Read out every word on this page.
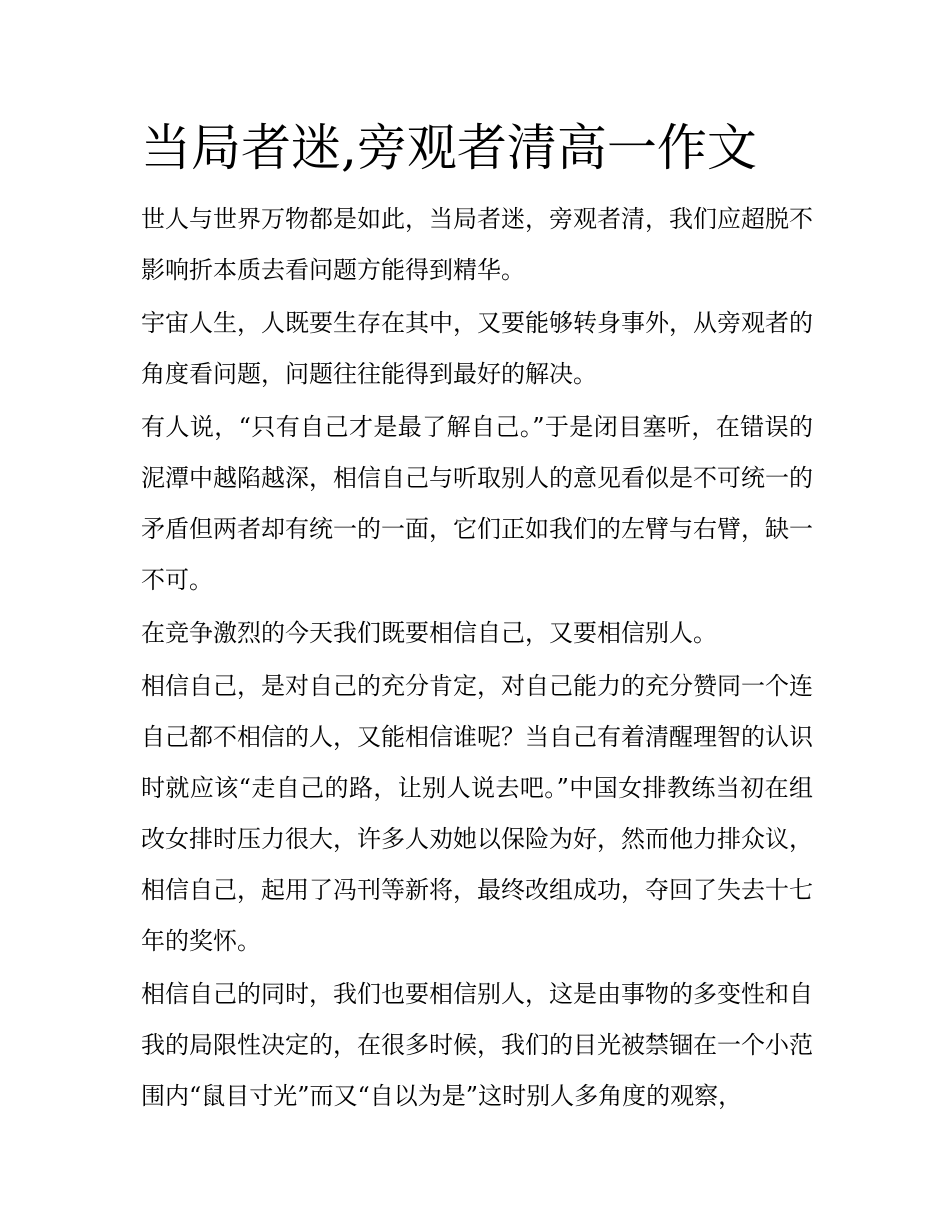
当局者迷,旁观者清高一作文

世人与世界万物都是如此，当局者迷，旁观者清，我们应超脱不影响折本质去看问题方能得到精华。

宇宙人生，人既要生存在其中，又要能够转身事外，从旁观者的角度看问题，问题往往能得到最好的解决。

有人说，“只有自己才是最了解自己。”于是闭目塞听，在错误的泥潭中越陷越深，相信自己与听取别人的意见看似是不可统一的矛盾但两者却有统一的一面，它们正如我们的左臂与右臂，缺一不可。

在竞争激烈的今天我们既要相信自己，又要相信别人。

相信自己，是对自己的充分肯定，对自己能力的充分赞同一个连自己都不相信的人，又能相信谁呢？当自己有着清醒理智的认识时就应该“走自己的路，让别人说去吧。”中国女排教练当初在组改女排时压力很大，许多人劝她以保险为好，然而他力排众议，相信自己，起用了冯刊等新将，最终改组成功，夺回了失去十七年的奖怀。

相信自己的同时，我们也要相信别人，这是由事物的多变性和自我的局限性决定的，在很多时候，我们的目光被禁锢在一个小范围内“鼠目寸光”而又“自以为是”这时别人多角度的观察，
